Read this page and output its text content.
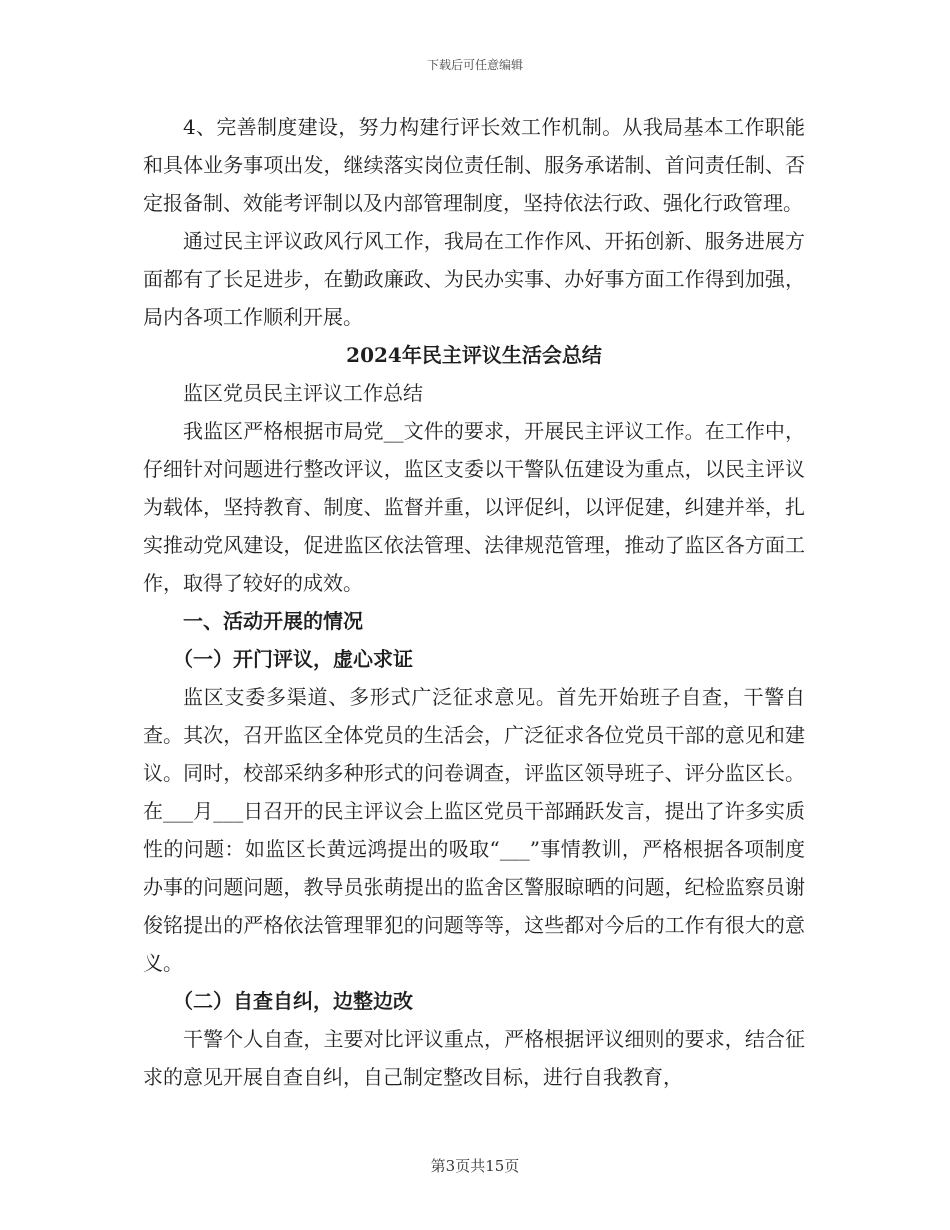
下载后可任意编辑

4、完善制度建设，努力构建行评长效工作机制。从我局基本工作职能和具体业务事项出发，继续落实岗位责任制、服务承诺制、首问责任制、否定报备制、效能考评制以及内部管理制度，坚持依法行政、强化行政管理。

通过民主评议政风行风工作，我局在工作作风、开拓创新、服务进展方面都有了长足进步，在勤政廉政、为民办实事、办好事方面工作得到加强，局内各项工作顺利开展。

2024年民主评议生活会总结

监区党员民主评议工作总结

我监区严格根据市局党__文件的要求，开展民主评议工作。在工作中，仔细针对问题进行整改评议，监区支委以干警队伍建设为重点，以民主评议为载体，坚持教育、制度、监督并重，以评促纠，以评促建，纠建并举，扎实推动党风建设，促进监区依法管理、法律规范管理，推动了监区各方面工作，取得了较好的成效。

一、活动开展的情况

（一）开门评议，虚心求证

监区支委多渠道、多形式广泛征求意见。首先开始班子自查，干警自查。其次，召开监区全体党员的生活会，广泛征求各位党员干部的意见和建议。同时，校部采纳多种形式的问卷调查，评监区领导班子、评分监区长。在___月___日召开的民主评议会上监区党员干部踊跃发言，提出了许多实质性的问题：如监区长黄远鸿提出的吸取“___”事情教训，严格根据各项制度办事的问题问题，教导员张萌提出的监舍区警服晾晒的问题，纪检监察员谢俊铭提出的严格依法管理罪犯的问题等等，这些都对今后的工作有很大的意义。

（二）自查自纠，边整边改

干警个人自查，主要对比评议重点，严格根据评议细则的要求，结合征求的意见开展自查自纠，自己制定整改目标，进行自我教育，

第3页共15页
